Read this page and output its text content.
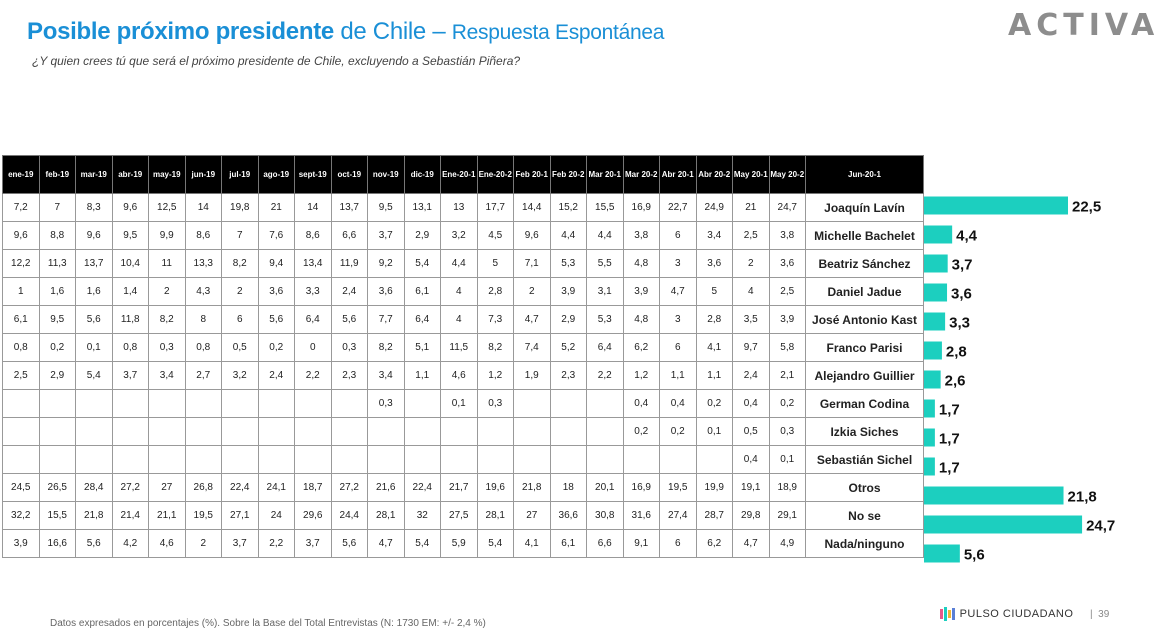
Posible próximo presidente de Chile – Respuesta Espontánea
¿Y quien crees tú que será el próximo presidente de Chile, excluyendo a Sebastián Piñera?
ACTIVA
ene-19	feb-19	mar-19	abr-19	may-19	jun-19	jul-19	ago-19	sept-19	oct-19	nov-19	dic-19	Ene-20-1	Ene-20-2	Feb 20-1	Feb 20-2	Mar 20-1	Mar 20-2	Abr 20-1	Abr 20-2	May 20-1	May 20-2	Jun-20-1
7,2	7	8,3	9,6	12,5	14	19,8	21	14	13,7	9,5	13,1	13	17,7	14,4	15,2	15,5	16,9	22,7	24,9	21	24,7	Joaquín Lavín
9,6	8,8	9,6	9,5	9,9	8,6	7	7,6	8,6	6,6	3,7	2,9	3,2	4,5	9,6	4,4	4,4	3,8	6	3,4	2,5	3,8	Michelle Bachelet
12,2	11,3	13,7	10,4	11	13,3	8,2	9,4	13,4	11,9	9,2	5,4	4,4	5	7,1	5,3	5,5	4,8	3	3,6	2	3,6	Beatriz Sánchez
1	1,6	1,6	1,4	2	4,3	2	3,6	3,3	2,4	3,6	6,1	4	2,8	2	3,9	3,1	3,9	4,7	5	4	2,5	Daniel Jadue
6,1	9,5	5,6	11,8	8,2	8	6	5,6	6,4	5,6	7,7	6,4	4	7,3	4,7	2,9	5,3	4,8	3	2,8	3,5	3,9	José Antonio Kast
0,8	0,2	0,1	0,8	0,3	0,8	0,5	0,2	0	0,3	8,2	5,1	11,5	8,2	7,4	5,2	6,4	6,2	6	4,1	9,7	5,8	Franco Parisi
2,5	2,9	5,4	3,7	3,4	2,7	3,2	2,4	2,2	2,3	3,4	1,1	4,6	1,2	1,9	2,3	2,2	1,2	1,1	1,1	2,4	2,1	Alejandro Guillier
										0,3		0,1	0,3				0,4	0,4	0,2	0,4	0,2	German Codina
																	0,2	0,2	0,1	0,5	0,3	Izkia Siches
																				0,4	0,1	Sebastián Sichel
24,5	26,5	28,4	27,2	27	26,8	22,4	24,1	18,7	27,2	21,6	22,4	21,7	19,6	21,8	18	20,1	16,9	19,5	19,9	19,1	18,9	Otros
32,2	15,5	21,8	21,4	21,1	19,5	27,1	24	29,6	24,4	28,1	32	27,5	28,1	27	36,6	30,8	31,6	27,4	28,7	29,8	29,1	No se
3,9	16,6	5,6	4,2	4,6	2	3,7	2,2	3,7	5,6	4,7	5,4	5,9	5,4	4,1	6,1	6,6	9,1	6	6,2	4,7	4,9	Nada/ninguno
22,5
4,4
3,7
3,6
3,3
2,8
2,6
1,7
1,7
1,7
21,8
24,7
5,6
Datos expresados en porcentajes (%). Sobre la Base del Total Entrevistas (N: 1730 EM: +/- 2,4 %)
PULSO CIUDADANO | 39
